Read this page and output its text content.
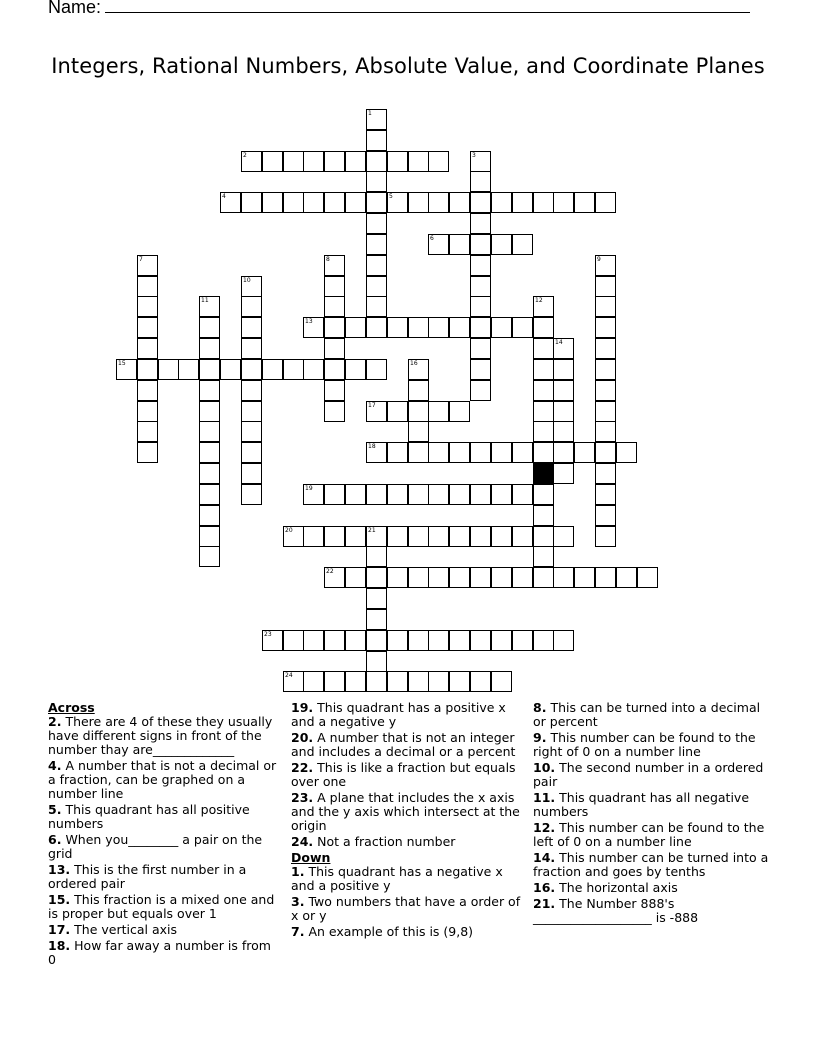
Name:
Integers, Rational Numbers, Absolute Value, and Coordinate Planes
1
2	3
4	5
6
7	8	9
10
11	12
13
14
15	16
17
18
19
20	21
22
23
24
Across
2. There are 4 of these they usually have different signs in front of the number thay are_____________
4. A number that is not a decimal or a fraction, can be graphed on a number line
5. This quadrant has all positive numbers
6. When you________ a pair on the grid
13. This is the first number in a ordered pair
15. This fraction is a mixed one and is proper but equals over 1
17. The vertical axis
18. How far away a number is from 0
19. This quadrant has a positive x and a negative y
20. A number that is not an integer and includes a decimal or a percent
22. This is like a fraction but equals over one
23. A plane that includes the x axis and the y axis which intersect at the origin
24. Not a fraction number
Down
1. This quadrant has a negative x and a positive y
3. Two numbers that have a order of x or y
7. An example of this is (9,8)
8. This can be turned into a decimal or percent
9. This number can be found to the right of 0 on a number line
10. The second number in a ordered pair
11. This quadrant has all negative numbers
12. This number can be found to the left of 0 on a number line
14. This number can be turned into a fraction and goes by tenths
16. The horizontal axis
21. The Number 888's ___________________ is -888
